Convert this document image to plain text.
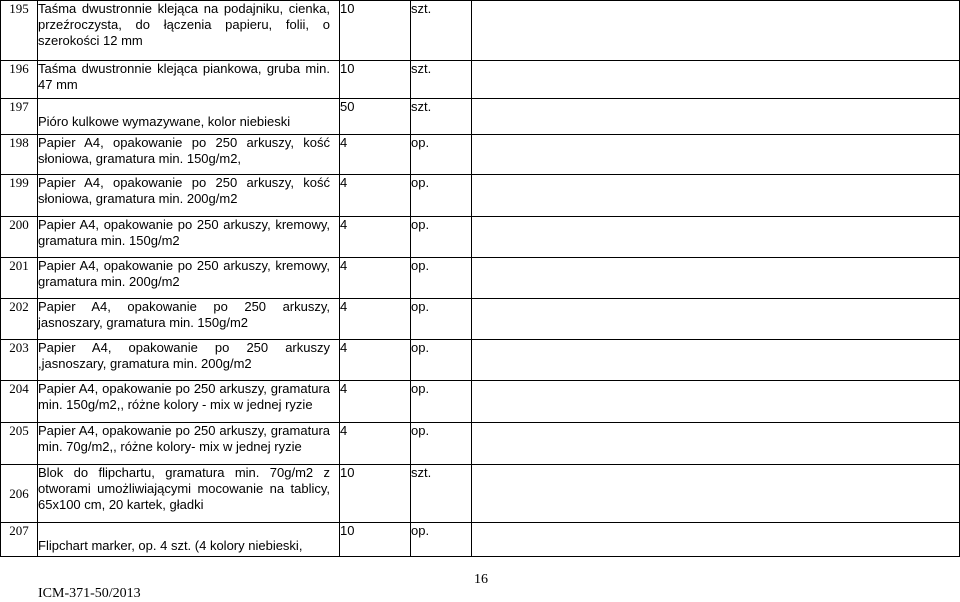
195	Taśma dwustronnie klejąca na podajniku, cienka, przeźroczysta, do łączenia papieru, folii, o szerokości 12 mm	10	szt.	
196	Taśma dwustronnie klejąca piankowa, gruba min. 47 mm	10	szt.	
197	Pióro kulkowe wymazywane, kolor niebieski	50	szt.	
198	Papier A4, opakowanie po 250 arkuszy, kość słoniowa, gramatura min. 150g/m2,	4	op.	
199	Papier A4, opakowanie po 250 arkuszy, kość słoniowa, gramatura min. 200g/m2	4	op.	
200	Papier A4, opakowanie po 250 arkuszy, kremowy, gramatura min. 150g/m2	4	op.	
201	Papier A4, opakowanie po 250 arkuszy, kremowy, gramatura min. 200g/m2	4	op.	
202	Papier A4, opakowanie po 250 arkuszy, jasnoszary, gramatura min. 150g/m2	4	op.	
203	Papier A4, opakowanie po 250 arkuszy ,jasnoszary, gramatura min. 200g/m2	4	op.	
204	Papier A4, opakowanie po 250 arkuszy, gramatura min. 150g/m2,, różne kolory - mix w jednej ryzie	4	op.	
205	Papier A4, opakowanie po 250 arkuszy, gramatura min. 70g/m2,, różne kolory- mix w jednej ryzie	4	op.	
206	Blok do flipchartu, gramatura min. 70g/m2 z otworami umożliwiającymi mocowanie na tablicy, 65x100 cm, 20 kartek, gładki	10	szt.	
207	Flipchart marker, op. 4 szt. (4 kolory niebieski,	10	op.	
16
ICM-371-50/2013
